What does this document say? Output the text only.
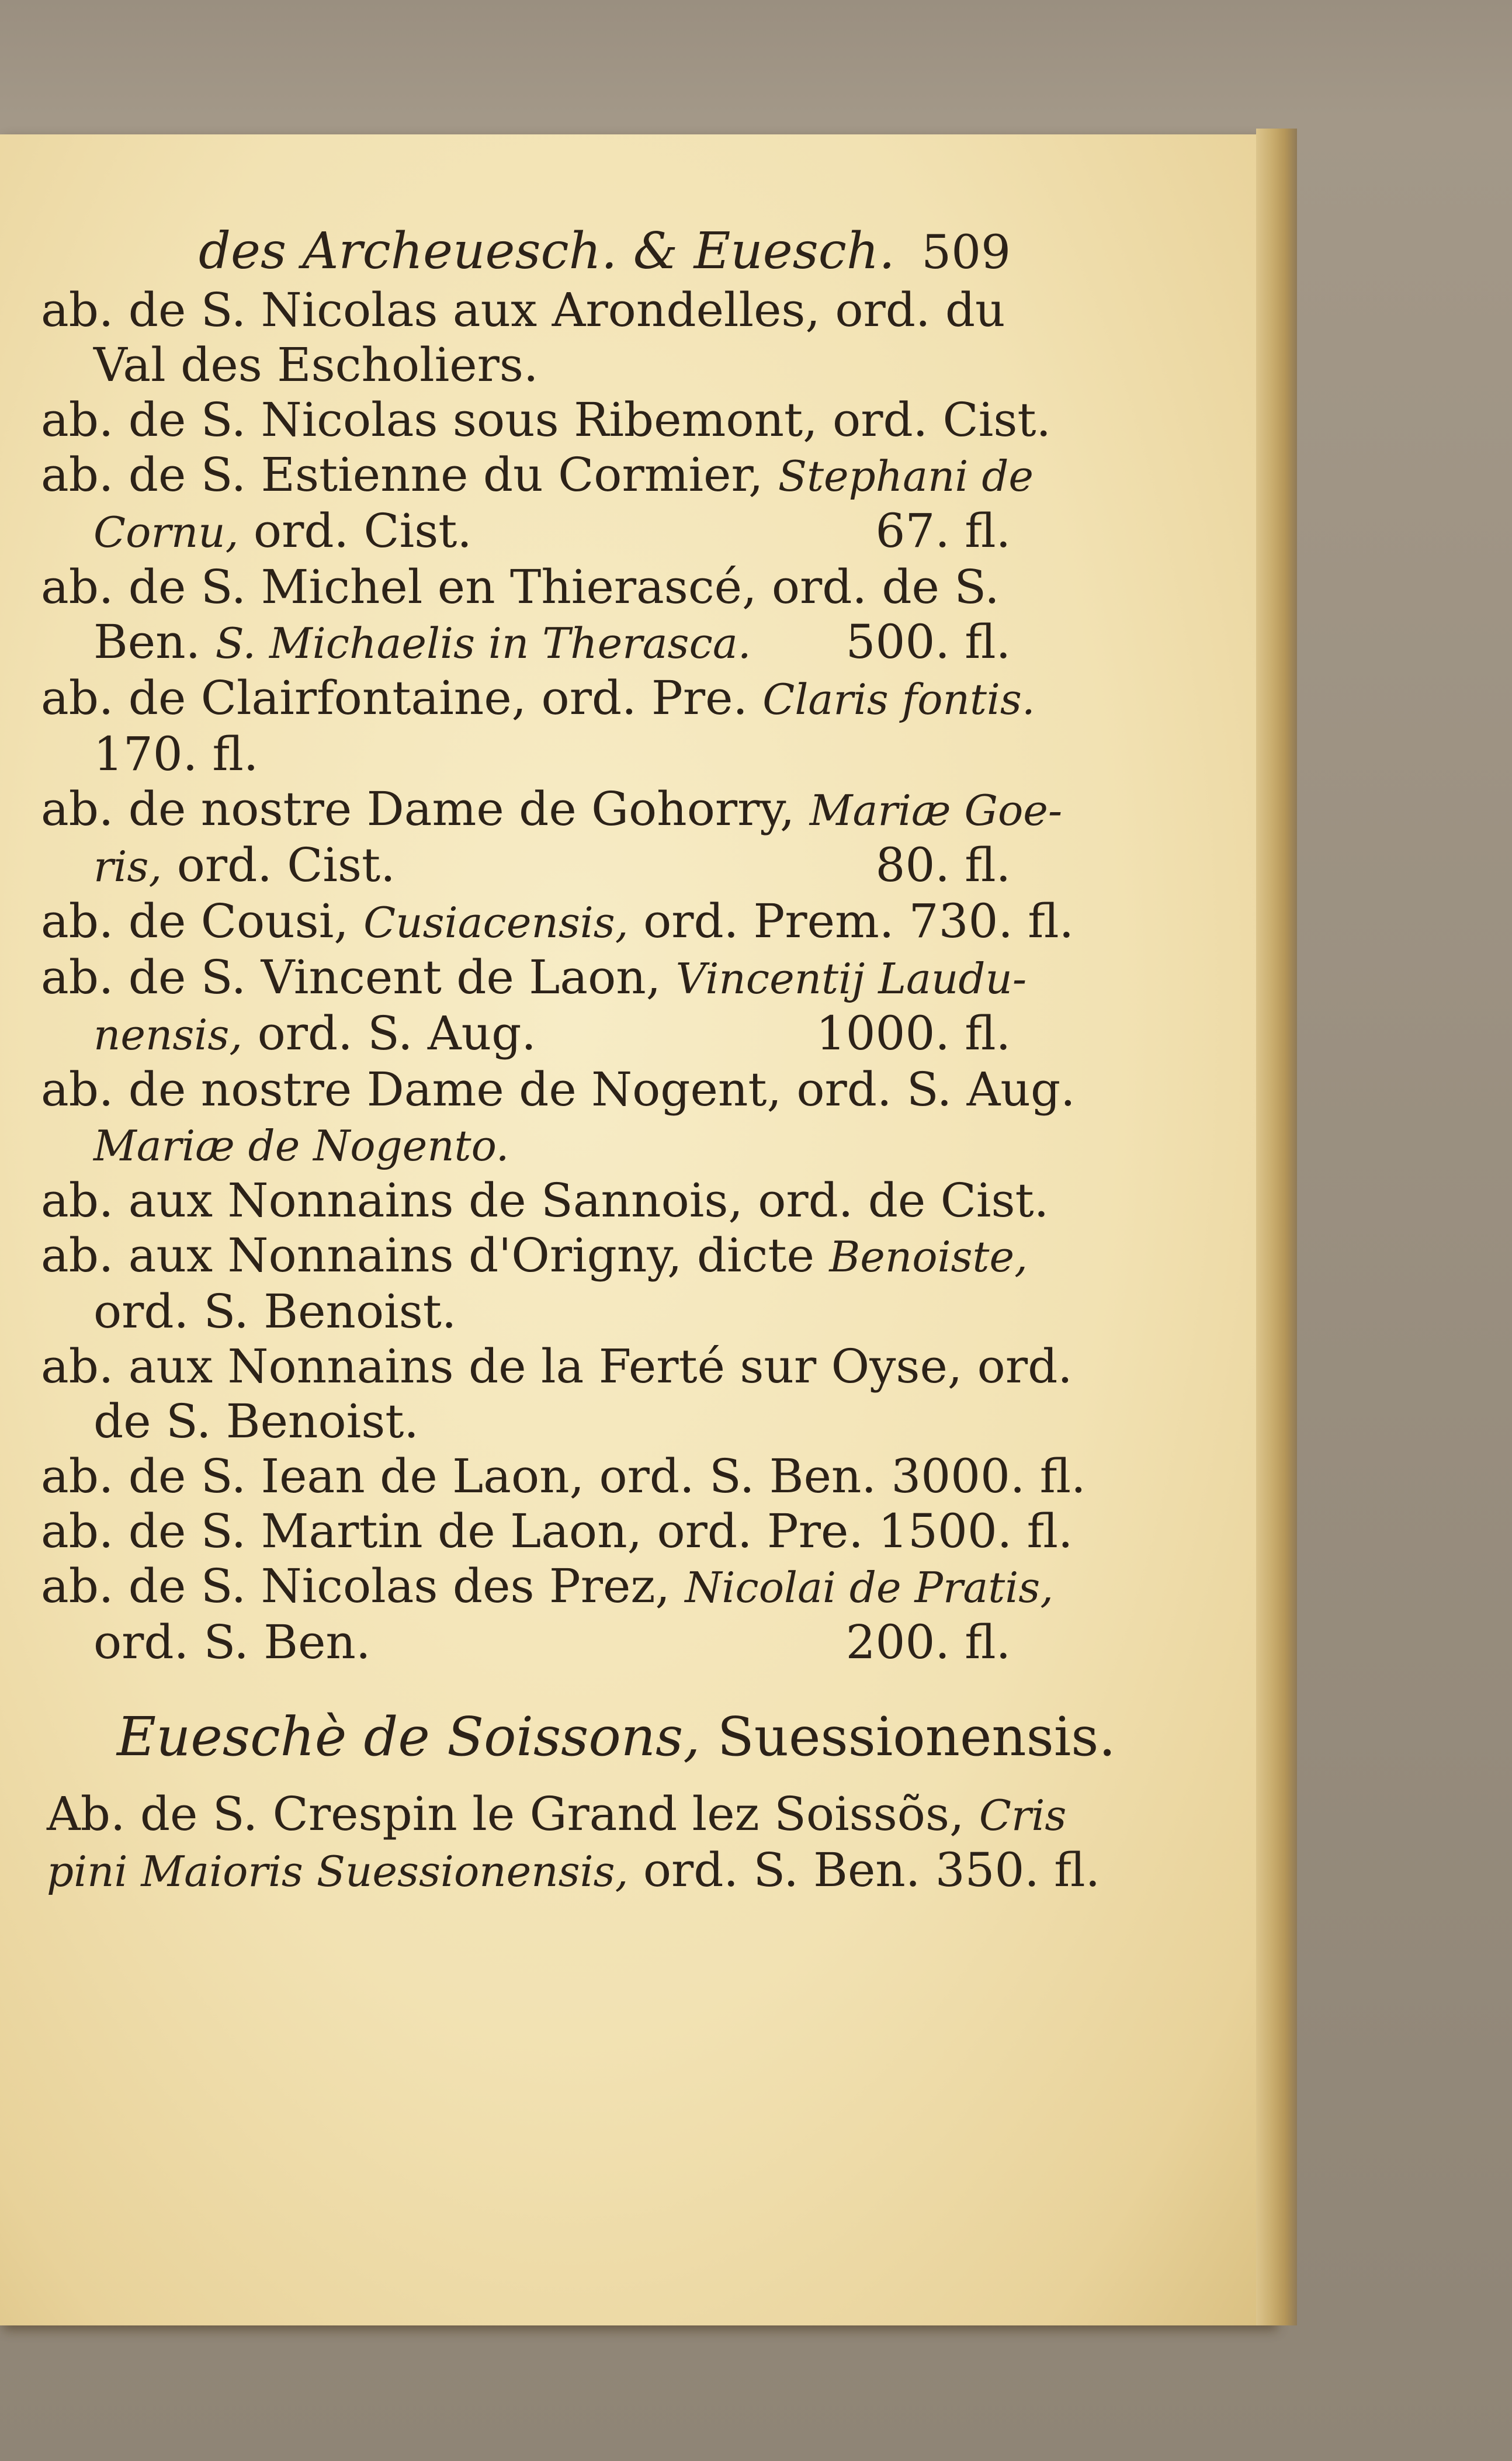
des Archeuesch. & Euesch. 509
ab. de S. Nicolas aux Arondelles, ord. du
Val des Escholiers.
ab. de S. Nicolas sous Ribemont, ord. Cist.
ab. de S. Estienne du Cormier, Stephani de
Cornu, ord. Cist.	67. fl.
ab. de S. Michel en Thierascé, ord. de S.
Ben. S. Michaelis in Therasca. 500. fl.
ab. de Clairfontaine, ord. Pre. Claris fontis.
170. fl.
ab. de nostre Dame de Gohorry, Mariæ Goe-
ris, ord. Cist.	80. fl.
ab. de Cousi, Cusiacensis, ord. Prem. 730. fl.
ab. de S. Vincent de Laon, Vincentij Laudu-
nensis, ord. S. Aug.	1000. fl.
ab. de nostre Dame de Nogent, ord. S. Aug.
Mariæ de Nogento.
ab. aux Nonnains de Sannois, ord. de Cist.
ab. aux Nonnains d'Origny, dicte Benoiste,
ord. S. Benoist.
ab. aux Nonnains de la Ferté sur Oyse, ord.
de S. Benoist.
ab. de S. Iean de Laon, ord. S. Ben. 3000. fl.
ab. de S. Martin de Laon, ord. Pre. 1500. fl.
ab. de S. Nicolas des Prez, Nicolai de Pratis,
ord. S. Ben.	200. fl.
Eueschè de Soissons, Suessionensis.
Ab. de S. Crespin le Grand lez Soissõs, Cris
pini Maioris Suessionensis, ord. S. Ben. 350. fl.
